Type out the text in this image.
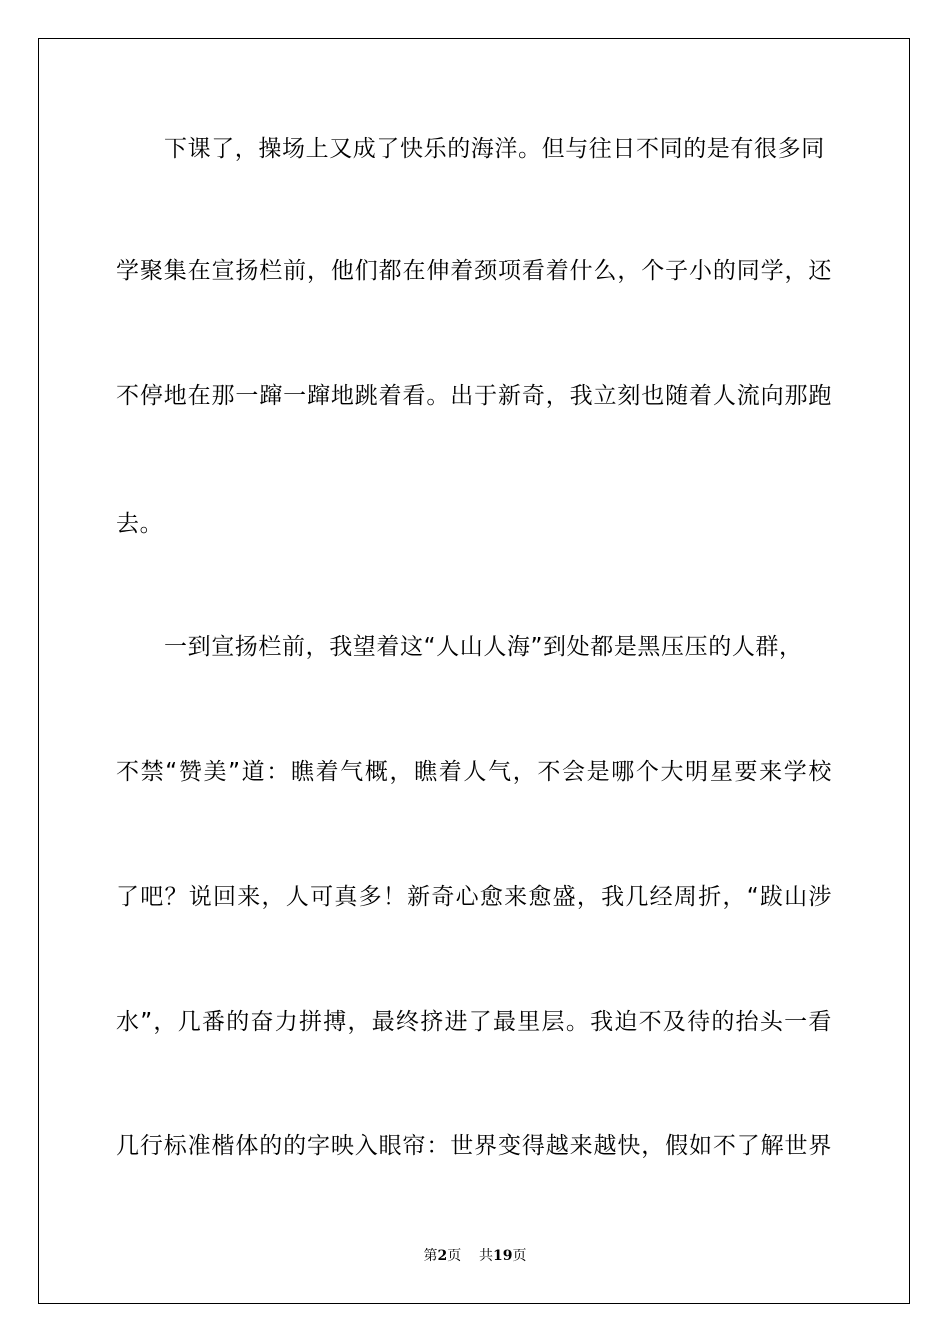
下课了，操场上又成了快乐的海洋。但与往日不同的是有很多同
学聚集在宣扬栏前，他们都在伸着颈项看着什么，个子小的同学，还
不停地在那一蹿一蹿地跳着看。出于新奇，我立刻也随着人流向那跑
去。
一到宣扬栏前，我望着这“人山人海”到处都是黑压压的人群，
不禁“赞美”道：瞧着气概，瞧着人气，不会是哪个大明星要来学校
了吧？说回来，人可真多！新奇心愈来愈盛，我几经周折，“跋山涉
水”，几番的奋力拼搏，最终挤进了最里层。我迫不及待的抬头一看
几行标准楷体的的字映入眼帘：世界变得越来越快，假如不了解世界
第2页 共19页
